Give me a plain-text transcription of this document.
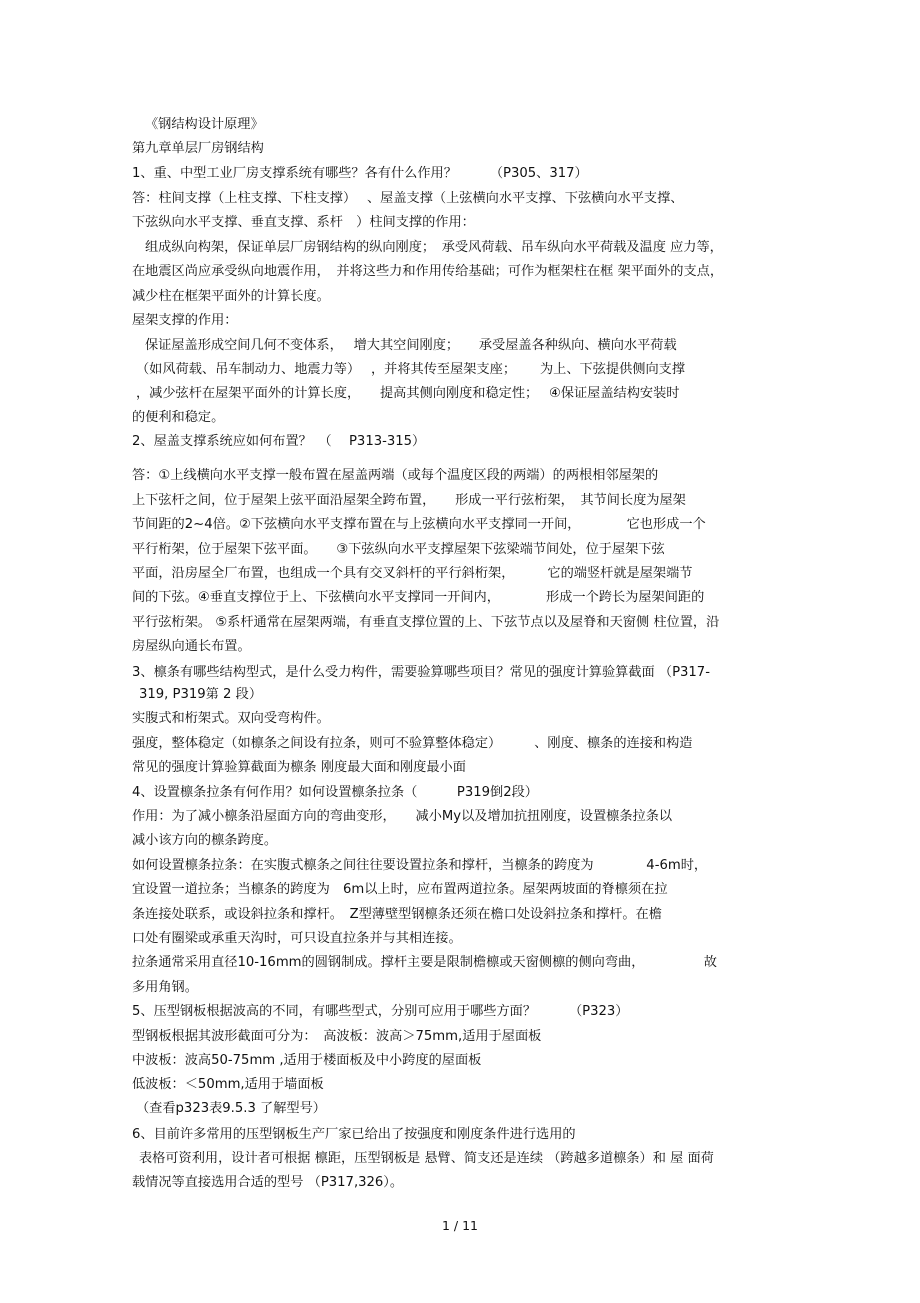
《钢结构设计原理》
第九章单层厂房钢结构
1、重、中型工业厂房支撑系统有哪些？各有什么作用？　　　（P305、317）
答：柱间支撑（上柱支撑、下柱支撑）　 、屋盖支撑（上弦横向水平支撑、下弦横向水平支撑、
下弦纵向水平支撑、垂直支撑、系杆　）柱间支撑的作用：
组成纵向构架，保证单层厂房钢结构的纵向刚度；　承受风荷载、吊车纵向水平荷载及温度 应力等，
在地震区尚应承受纵向地震作用，　并将这些力和作用传给基础；可作为框架柱在框 架平面外的支点，
减少柱在框架平面外的计算长度。
屋架支撑的作用：
保证屋盖形成空间几何不变体系，　 增大其空间刚度；　　承受屋盖各种纵向、横向水平荷载
（如风荷载、吊车制动力、地震力等）　 ，并将其传至屋架支座；　　 为上、下弦提供侧向支撑
，减少弦杆在屋架平面外的计算长度，　　提高其侧向刚度和稳定性；　 ④保证屋盖结构安装时
的便利和稳定。
2、屋盖支撑系统应如何布置？　（　 P313-315）
答：①上线横向水平支撑一般布置在屋盖两端（或每个温度区段的两端）的两根相邻屋架的
上下弦杆之间，位于屋架上弦平面沿屋架全跨布置，　　形成一平行弦桁架，　其节间长度为屋架
节间距的2~4倍。②下弦横向水平支撑布置在与上弦横向水平支撑同一开间，　　　　它也形成一个
平行桁架，位于屋架下弦平面。　　③下弦纵向水平支撑屋架下弦梁端节间处，位于屋架下弦
平面，沿房屋全厂布置，也组成一个具有交叉斜杆的平行斜桁架，　　　它的端竖杆就是屋架端节
间的下弦。④垂直支撑位于上、下弦横向水平支撑同一开间内，　　　　形成一个跨长为屋架间距的
平行弦桁架。 ⑤系杆通常在屋架两端，有垂直支撑位置的上、下弦节点以及屋脊和天窗侧 柱位置，沿
房屋纵向通长布置。
3、檩条有哪些结构型式，是什么受力构件，需要验算哪些项目？常见的强度计算验算截面 （P317-
319, P319第 2 段）
实腹式和桁架式。双向受弯构件。
强度，整体稳定（如檩条之间设有拉条，则可不验算整体稳定）　　　、刚度、檩条的连接和构造
常见的强度计算验算截面为檩条 刚度最大面和刚度最小面
4、设置檩条拉条有何作用？如何设置檩条拉条（　　　P319倒2段）
作用：为了减小檩条沿屋面方向的弯曲变形，　　减小My以及增加抗扭刚度，设置檩条拉条以
减小该方向的檩条跨度。
如何设置檩条拉条：在实腹式檩条之间往往要设置拉条和撑杆，当檩条的跨度为　　　　4-6m时，
宜设置一道拉条；当檩条的跨度为　6m以上时，应布置两道拉条。屋架两坡面的脊檩须在拉
条连接处联系，或设斜拉条和撑杆。　Z型薄壁型钢檩条还须在檐口处设斜拉条和撑杆。在檐
口处有圈梁或承重天沟时，可只设直拉条并与其相连接。
拉条通常采用直径10-16mm的圆钢制成。撑杆主要是限制檐檩或天窗侧檩的侧向弯曲，　　　　　故
多用角钢。
5、压型钢板根据波高的不同，有哪些型式，分别可应用于哪些方面？　　　（P323）
型钢板根据其波形截面可分为：　高波板：波高＞75mm,适用于屋面板
中波板：波高50-75mm ,适用于楼面板及中小跨度的屋面板
低波板：＜50mm,适用于墙面板
（查看p323表9.5.3 了解型号）
6、目前许多常用的压型钢板生产厂家已给出了按强度和刚度条件进行选用的
表格可资利用，设计者可根据 檩距，压型钢板是 悬臂、简支还是连续 （跨越多道檩条）和 屋 面荷
载情况等直接选用合适的型号 （P317,326）。
1 / 11
